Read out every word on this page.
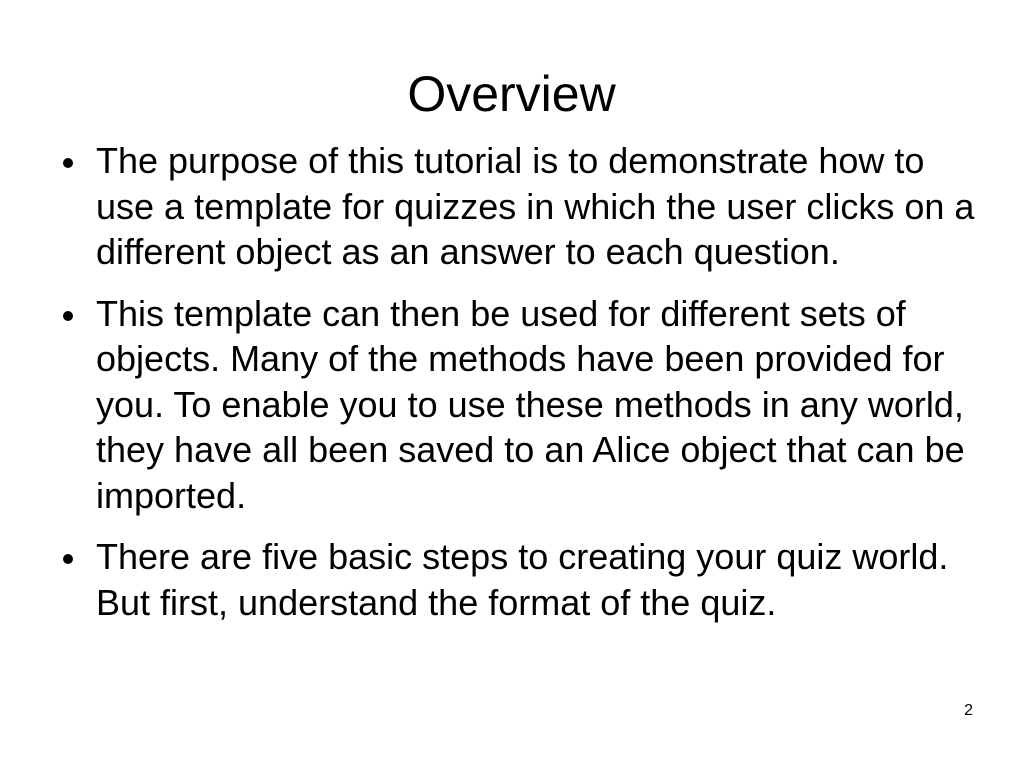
Overview
The purpose of this tutorial is to demonstrate how to use a template for quizzes in which the user clicks on a different object as an answer to each question.
This template can then be used for different sets of objects. Many of the methods have been provided for you. To enable you to use these methods in any world, they have all been saved to an Alice object that can be imported.
There are five basic steps to creating your quiz world. But first, understand the format of the quiz.
2
